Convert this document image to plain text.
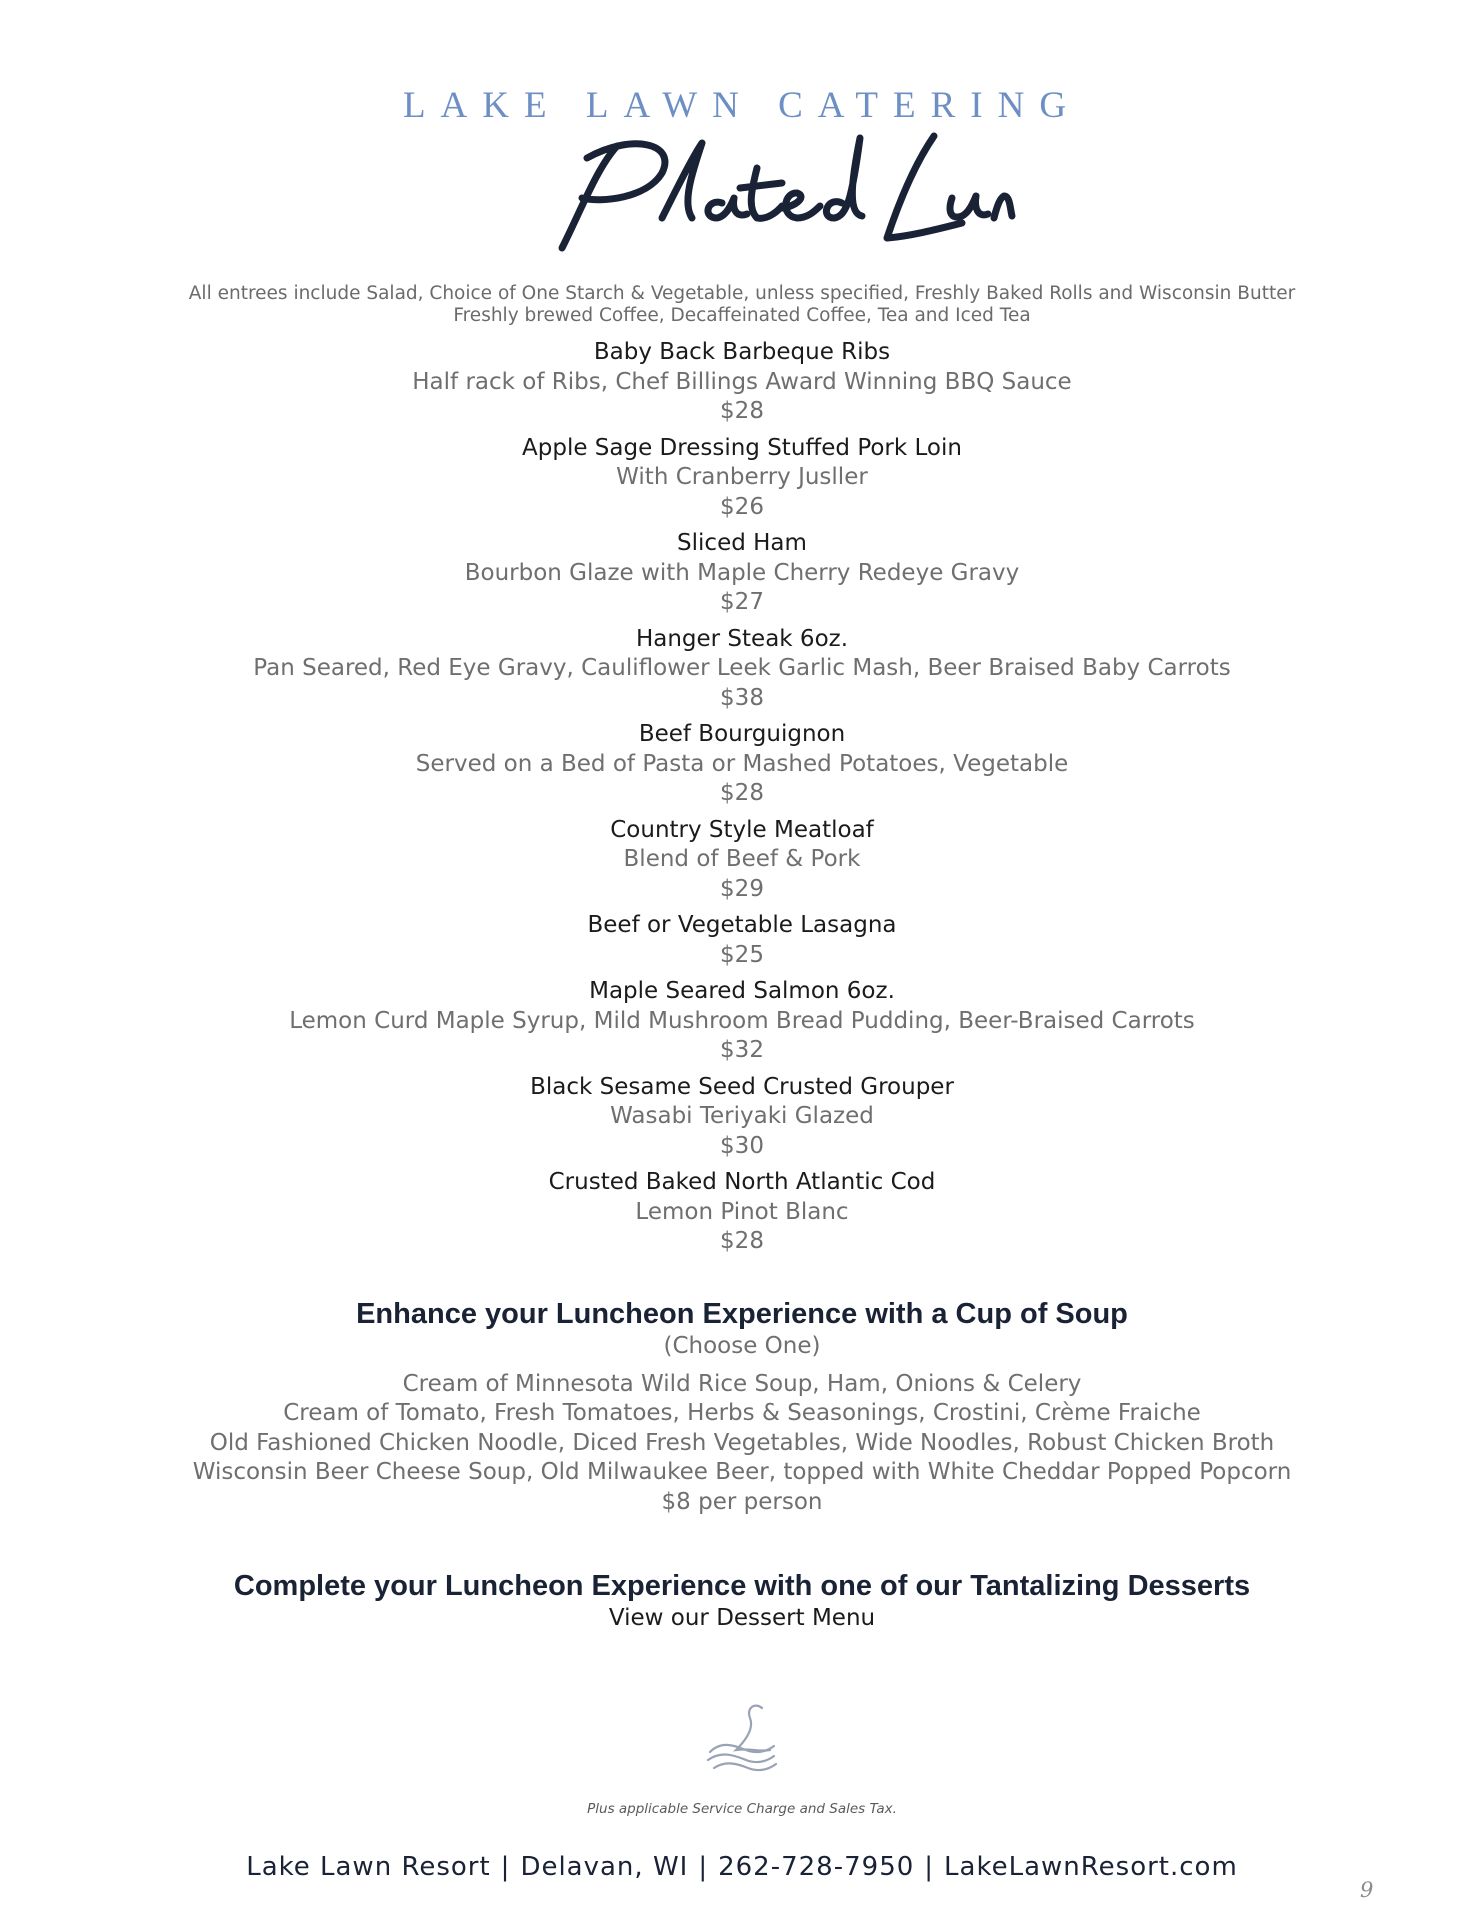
LAKE LAWN CATERING
All entrees include Salad, Choice of One Starch & Vegetable, unless specified, Freshly Baked Rolls and Wisconsin Butter
Freshly brewed Coffee, Decaffeinated Coffee, Tea and Iced Tea
Baby Back Barbeque Ribs
Half rack of Ribs, Chef Billings Award Winning BBQ Sauce
$28
Apple Sage Dressing Stuffed Pork Loin
With Cranberry Jusller
$26
Sliced Ham
Bourbon Glaze with Maple Cherry Redeye Gravy
$27
Hanger Steak 6oz.
Pan Seared, Red Eye Gravy, Cauliflower Leek Garlic Mash, Beer Braised Baby Carrots
$38
Beef Bourguignon
Served on a Bed of Pasta or Mashed Potatoes, Vegetable
$28
Country Style Meatloaf
Blend of Beef & Pork
$29
Beef or Vegetable Lasagna
$25
Maple Seared Salmon 6oz.
Lemon Curd Maple Syrup, Mild Mushroom Bread Pudding, Beer-Braised Carrots
$32
Black Sesame Seed Crusted Grouper
Wasabi Teriyaki Glazed
$30
Crusted Baked North Atlantic Cod
Lemon Pinot Blanc
$28
Enhance your Luncheon Experience with a Cup of Soup
(Choose One)
Cream of Minnesota Wild Rice Soup, Ham, Onions & Celery
Cream of Tomato, Fresh Tomatoes, Herbs & Seasonings, Crostini, Crème Fraiche
Old Fashioned Chicken Noodle, Diced Fresh Vegetables, Wide Noodles, Robust Chicken Broth
Wisconsin Beer Cheese Soup, Old Milwaukee Beer, topped with White Cheddar Popped Popcorn
$8 per person
Complete your Luncheon Experience with one of our Tantalizing Desserts
View our Dessert Menu
Plus applicable Service Charge and Sales Tax.
Lake Lawn Resort | Delavan, WI | 262-728-7950 | LakeLawnResort.com
9
